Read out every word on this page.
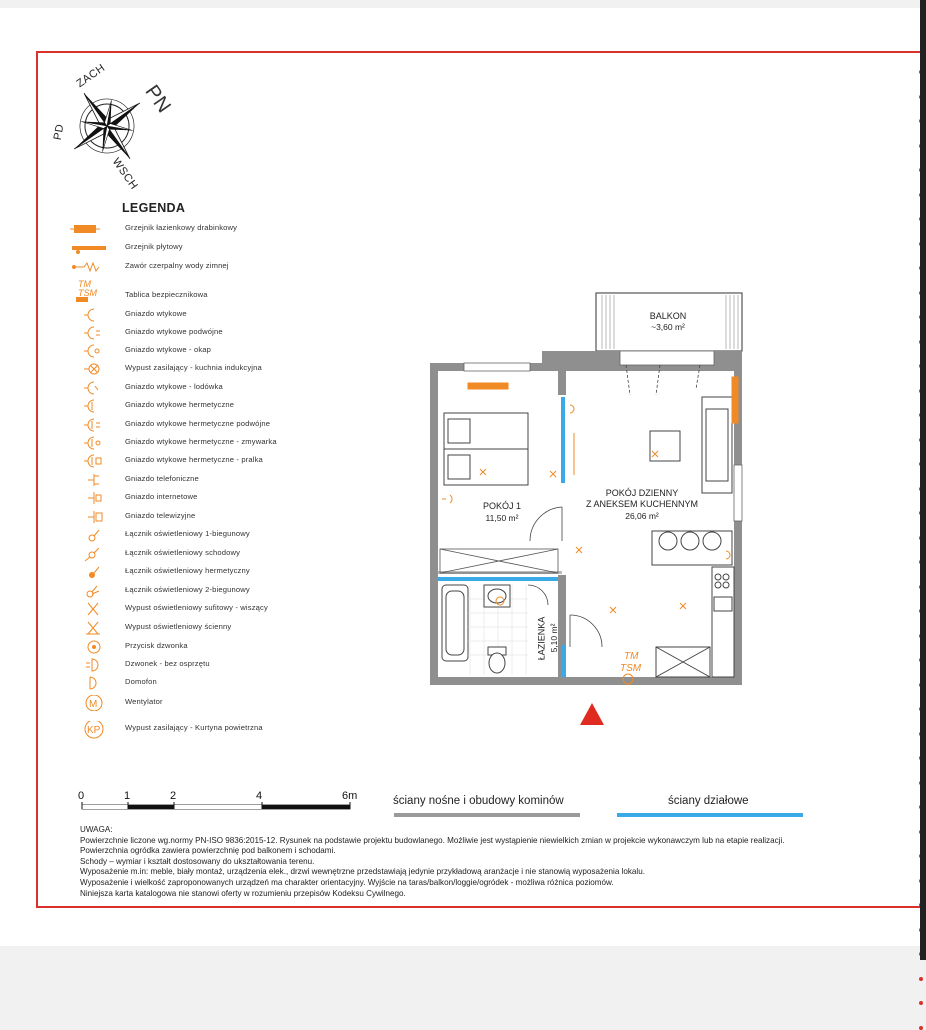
PN
ZACH
PD
WSCH
LEGENDA
Grzejnik łazienkowy drabinkowy
Grzejnik płytowy
Zawór czerpalny wody zimnej
TM TSM	Tablica bezpiecznikowa
Gniazdo wtykowe
Gniazdo wtykowe podwójne
Gniazdo wtykowe - okap
Wypust zasilający - kuchnia indukcyjna
Gniazdo wtykowe - lodówka
Gniazdo wtykowe hermetyczne
Gniazdo wtykowe hermetyczne podwójne
Gniazdo wtykowe hermetyczne - zmywarka
Gniazdo wtykowe hermetyczne - pralka
Gniazdo telefoniczne
Gniazdo internetowe
Gniazdo telewizyjne
Łącznik oświetleniowy 1-biegunowy
Łącznik oświetleniowy schodowy
Łącznik oświetleniowy hermetyczny
Łącznik oświetleniowy 2-biegunowy
Wypust oświetleniowy sufitowy - wiszący
Wypust oświetleniowy ścienny
Przycisk dzwonka
Dzwonek - bez osprzętu
Domofon
M	Wentylator
KP	Wypust zasilający - Kurtyna powietrzna
TM
TSM
BALKON
~3,60 m²
POKÓJ 1
11,50 m²
POKÓJ DZIENNY
Z ANEKSEM KUCHENNYM
26,06 m²
ŁAZIENKA 5,10 m²
0	1	2	4	6m	ściany nośne i obudowy kominów	ściany działowe
UWAGA:
Powierzchnie liczone wg.normy PN-ISO 9836:2015-12. Rysunek na podstawie projektu budowlanego. Możliwie jest wystąpienie niewielkich zmian w projekcie wykonawczym lub na etapie realizacji.
Powierzchnia ogródka zawiera powierzchnię pod balkonem i schodami.
Schody – wymiar i kształt dostosowany do ukształtowania terenu.
Wyposażenie m.in: meble, biały montaż, urządzenia elek., drzwi wewnętrzne przedstawiają jedynie przykładową aranżacje i nie stanowią wyposażenia lokalu.
Wyposażenie i wielkość zaproponowanych urządzeń ma charakter orientacyjny. Wyjście na taras/balkon/loggie/ogródek - możliwa różnica poziomów.
Niniejsza karta katalogowa nie stanowi oferty w rozumieniu przepisów Kodeksu Cywilnego.
